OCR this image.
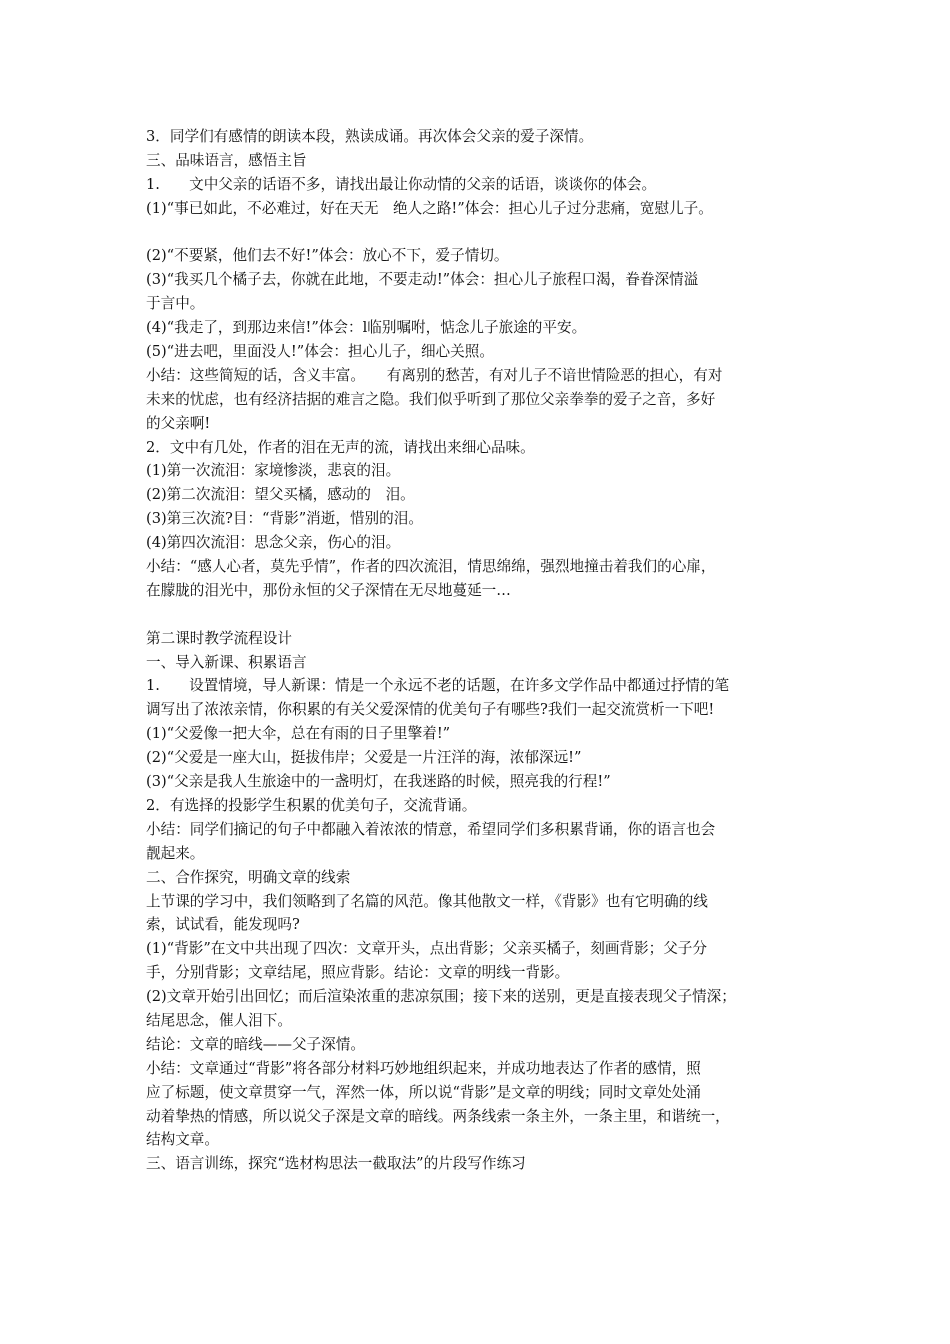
3．同学们有感情的朗读本段，熟读成诵。再次体会父亲的爱子深情。
三、品味语言，感悟主旨
1.　　文中父亲的话语不多，请找出最让你动情的父亲的话语，谈谈你的体会。
(1)“事已如此，不必难过，好在天无　绝人之路!”体会：担心儿子过分悲痛，宽慰儿子。
(2)“不要紧，他们去不好!”体会：放心不下，爱子情切。
(3)“我买几个橘子去，你就在此地，不要走动!”体会：担心儿子旅程口渴，眷眷深情溢
于言中。
(4)“我走了，到那边来信!”体会：l临别嘱咐，惦念儿子旅途的平安。
(5)“进去吧，里面没人!”体会：担心儿子，细心关照。
小结：这些简短的话，含义丰富。　　有离别的愁苦，有对儿子不谙世情险恶的担心，有对
未来的忧虑，也有经济拮据的难言之隐。我们似乎听到了那位父亲拳拳的爱子之音，多好
的父亲啊!
2．文中有几处，作者的泪在无声的流，请找出来细心品味。
(1)第一次流泪：家境惨淡，悲哀的泪。
(2)第二次流泪：望父买橘，感动的　泪。
(3)第三次流?目：“背影”消逝，惜别的泪。
(4)第四次流泪：思念父亲，伤心的泪。
小结：“感人心者，莫先乎情”，作者的四次流泪，情思绵绵，强烈地撞击着我们的心扉，
在朦胧的泪光中，那份永恒的父子深情在无尽地蔓延一…
第二课时教学流程设计
一、导入新课、积累语言
1.　　设置情境，导人新课：情是一个永远不老的话题，在许多文学作品中都通过抒情的笔
调写出了浓浓亲情，你积累的有关父爱深情的优美句子有哪些?我们一起交流赏析一下吧!
(1)“父爱像一把大伞，总在有雨的日子里擎着!”
(2)“父爱是一座大山，挺拔伟岸；父爱是一片汪洋的海，浓郁深远!”
(3)“父亲是我人生旅途中的一盏明灯，在我迷路的时候，照亮我的行程!”
2．有选择的投影学生积累的优美句子，交流背诵。
小结：同学们摘记的句子中都融入着浓浓的情意，希望同学们多积累背诵，你的语言也会
靓起来。
二、合作探究，明确文章的线索
上节课的学习中，我们领略到了名篇的风范。像其他散文一样，《背影》也有它明确的线
索，试试看，能发现吗?
(1)“背影”在文中共出现了四次：文章开头，点出背影；父亲买橘子，刻画背影；父子分
手，分别背影；文章结尾，照应背影。结论：文章的明线一背影。
(2)文章开始引出回忆；而后渲染浓重的悲凉氛围；接下来的送别，更是直接表现父子情深；
结尾思念，催人泪下。
结论：文章的暗线——父子深情。
小结：文章通过“背影”将各部分材料巧妙地组织起来，并成功地表达了作者的感情，照
应了标题，使文章贯穿一气，浑然一体，所以说“背影”是文章的明线；同时文章处处涌
动着挚热的情感，所以说父子深是文章的暗线。两条线索一条主外，一条主里，和谐统一，
结构文章。
三、语言训练，探究“选材构思法一截取法”的片段写作练习
